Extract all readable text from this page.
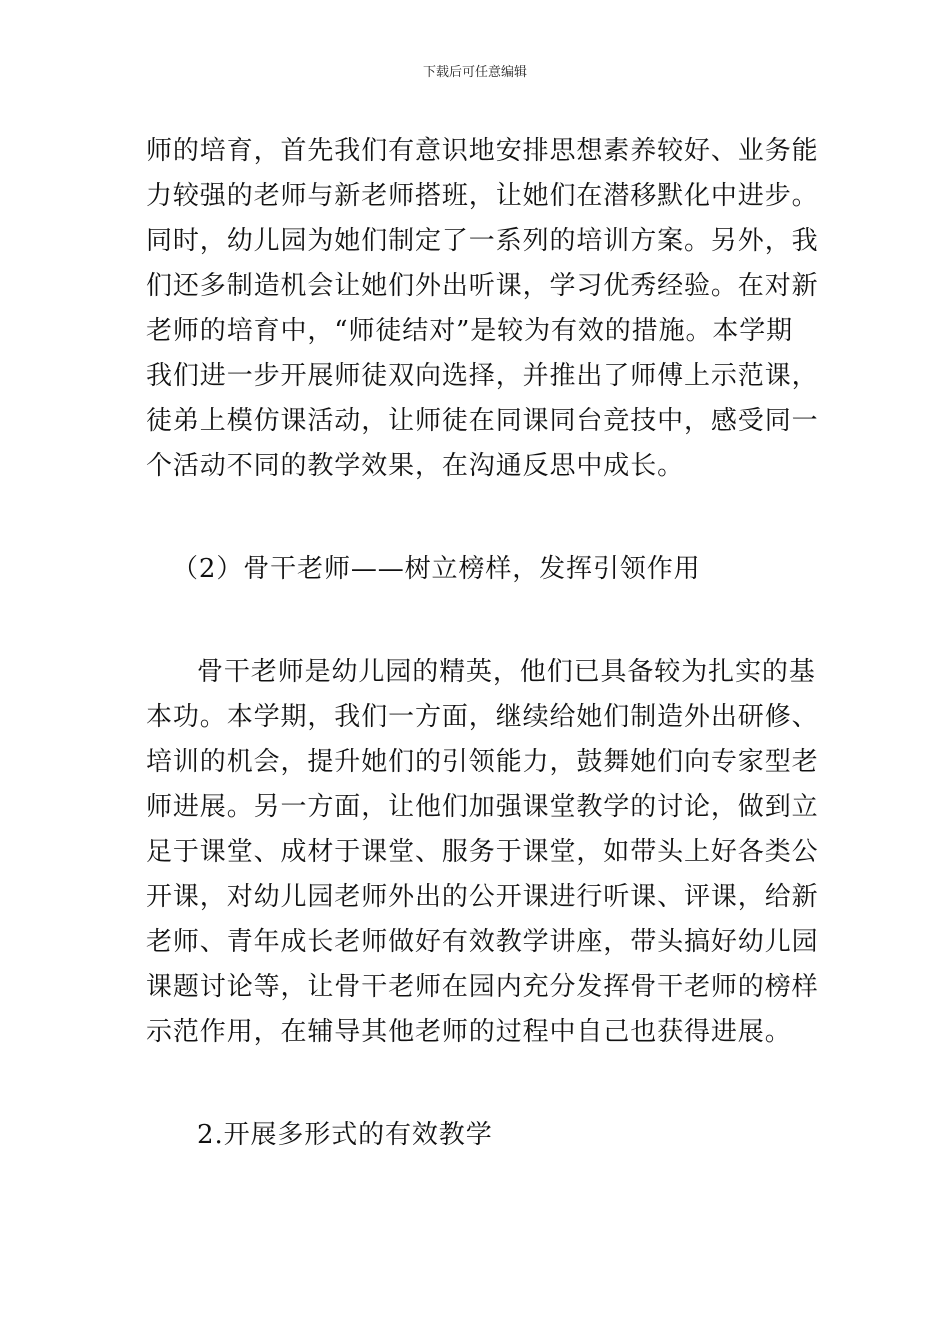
下载后可任意编辑
师的培育，首先我们有意识地安排思想素养较好、业务能
力较强的老师与新老师搭班，让她们在潜移默化中进步。
同时，幼儿园为她们制定了一系列的培训方案。另外，我
们还多制造机会让她们外出听课，学习优秀经验。在对新
老师的培育中，“师徒结对”是较为有效的措施。本学期
我们进一步开展师徒双向选择，并推出了师傅上示范课，
徒弟上模仿课活动，让师徒在同课同台竞技中，感受同一
个活动不同的教学效果，在沟通反思中成长。
（2）骨干老师——树立榜样，发挥引领作用
骨干老师是幼儿园的精英，他们已具备较为扎实的基
本功。本学期，我们一方面，继续给她们制造外出研修、
培训的机会，提升她们的引领能力，鼓舞她们向专家型老
师进展。另一方面，让他们加强课堂教学的讨论，做到立
足于课堂、成材于课堂、服务于课堂，如带头上好各类公
开课，对幼儿园老师外出的公开课进行听课、评课，给新
老师、青年成长老师做好有效教学讲座，带头搞好幼儿园
课题讨论等，让骨干老师在园内充分发挥骨干老师的榜样
示范作用，在辅导其他老师的过程中自己也获得进展。
2.开展多形式的有效教学
